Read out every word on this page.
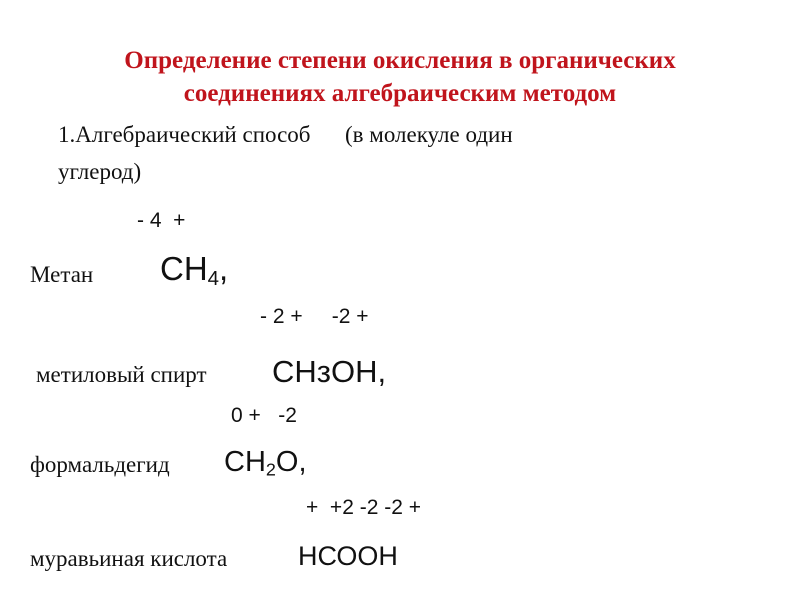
Определение степени окисления в органических
соединениях алгебраическим методом
1.Алгебраический способ      (в молекуле один
углерод)
- 4  +
Метан $СН_4$,
- 2 +     -2 +
метиловый спирт СНзОН,
0 +   -2
формальдегид $СН_2О$,
+  +2 -2 -2 +
муравьиная кислота	НСООН
